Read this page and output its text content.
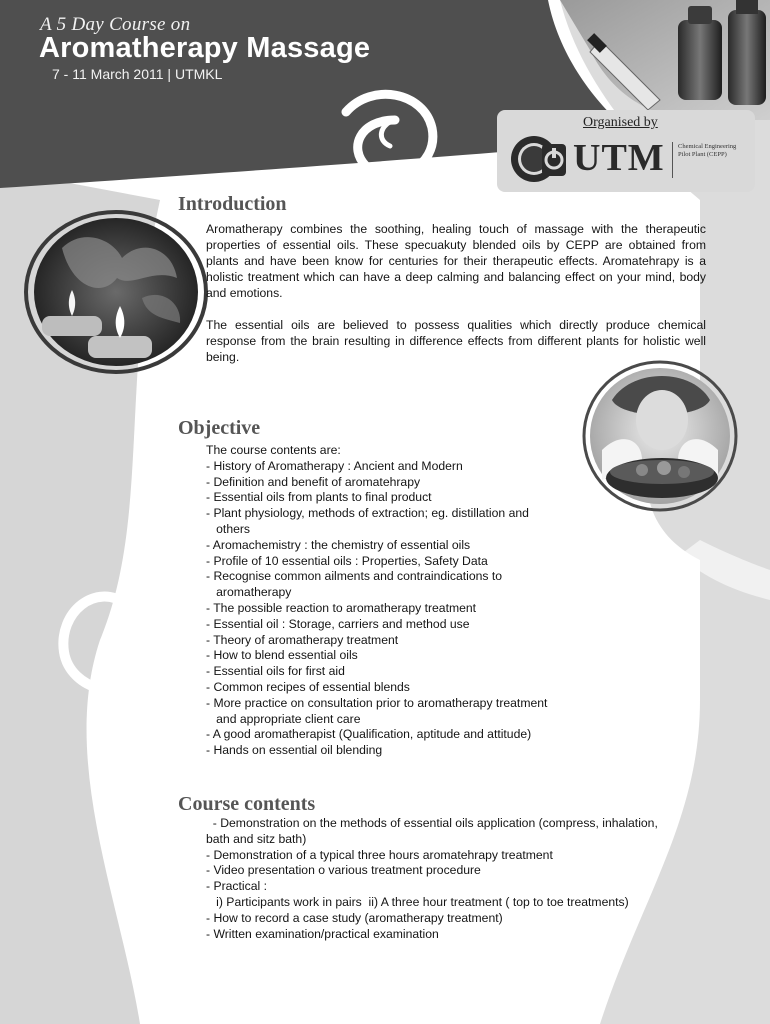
A 5 Day Course on
Aromatherapy Massage
7 - 11 March 2011 | UTMKL
Organised by
UTM Chemical Engineering
Pilot Plant (CEPP)
Introduction

Aromatherapy combines the soothing, healing touch of massage with the therapeutic properties of essential oils. These specuakuty blended oils by CEPP are obtained from plants and have been know for centuries for their therapeutic effects. Aromatehrapy is a holistic treatment which can have a deep calming and balancing effect on your mind, body and emotions.

The essential oils are believed to possess qualities which directly produce chemical response from the brain resulting in difference effects from different plants for holistic well being.

Objective
The course contents are:
- History of Aromatherapy : Ancient and Modern
- Definition and benefit of aromatehrapy
- Essential oils from plants to final product
- Plant physiology, methods of extraction; eg. distillation and
others
- Aromachemistry : the chemistry of essential oils
- Profile of 10 essential oils : Properties, Safety Data
- Recognise common ailments and contraindications to
aromatherapy
- The possible reaction to aromatherapy treatment
- Essential oil : Storage, carriers and method use
- Theory of aromatherapy treatment
- How to blend essential oils
- Essential oils for first aid
- Common recipes of essential blends
- More practice on consultation prior to aromatherapy treatment
and appropriate client care
- A good aromatherapist (Qualification, aptitude and attitude)
- Hands on essential oil blending
Course contents
- Demonstration on the methods of essential oils application (compress, inhalation,
bath and sitz bath)
- Demonstration of a typical three hours aromatehrapy treatment
- Video presentation o various treatment procedure
- Practical :
i) Participants work in pairs  ii) A three hour treatment ( top to toe treatments)
- How to record a case study (aromatherapy treatment)
- Written examination/practical examination
